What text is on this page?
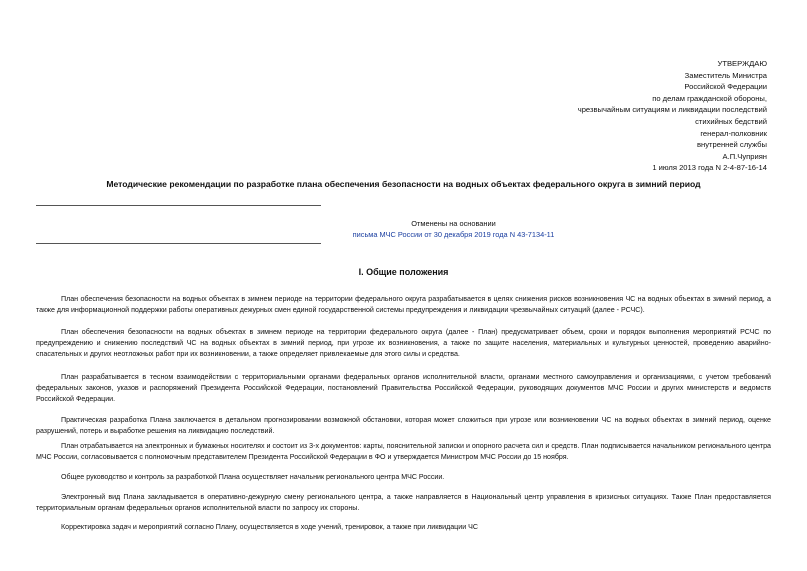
УТВЕРЖДАЮ
Заместитель Министра
Российской Федерации
по делам гражданской обороны,
чрезвычайным ситуациям и ликвидации последствий
стихийных бедствий
генерал-полковник
внутренней службы
А.П.Чуприян
1 июля 2013 года N 2-4-87-16-14
Методические рекомендации по разработке плана обеспечения безопасности на водных объектах федерального округа в зимний период
Отменены на основании
письма МЧС России от 30 декабря 2019 года N 43-7134-11
I. Общие положения

План обеспечения безопасности на водных объектах в зимнем периоде на территории федерального округа разрабатывается в целях снижения рисков возникновения ЧС на водных объектах в зимний период, а также для информационной поддержки работы оперативных дежурных смен единой государственной системы предупреждения и ликвидации чрезвычайных ситуаций (далее - РСЧС).

План обеспечения безопасности на водных объектах в зимнем периоде на территории федерального округа (далее - План) предусматривает объем, сроки и порядок выполнения мероприятий РСЧС по предупреждению и снижению последствий ЧС на водных объектах в зимний период, при угрозе их возникновения, а также по защите населения, материальных и культурных ценностей, проведению аварийно-спасательных и других неотложных работ при их возникновении, а также определяет привлекаемые для этого силы и средства.

План разрабатывается в тесном взаимодействии с территориальными органами федеральных органов исполнительной власти, органами местного самоуправления и организациями, с учетом требований федеральных законов, указов и распоряжений Президента Российской Федерации, постановлений Правительства Российской Федерации, руководящих документов МЧС России и других министерств и ведомств Российской Федерации.

Практическая разработка Плана заключается в детальном прогнозировании возможной обстановки, которая может сложиться при угрозе или возникновении ЧС на водных объектах в зимний период, оценке разрушений, потерь и выработке решения на ликвидацию последствий.

План отрабатывается на электронных и бумажных носителях и состоит из 3-х документов: карты, пояснительной записки и опорного расчета сил и средств. План подписывается начальником регионального центра МЧС России, согласовывается с полномочным представителем Президента Российской Федерации в ФО и утверждается Министром МЧС России до 15 ноября.

Общее руководство и контроль за разработкой Плана осуществляет начальник регионального центра МЧС России.

Электронный вид Плана закладывается в оперативно-дежурную смену регионального центра, а также направляется в Национальный центр управления в кризисных ситуациях. Также План предоставляется территориальным органам федеральных органов исполнительной власти по запросу их стороны.

Корректировка задач и мероприятий согласно Плану, осуществляется в ходе учений, тренировок, а также при ликвидации ЧС
